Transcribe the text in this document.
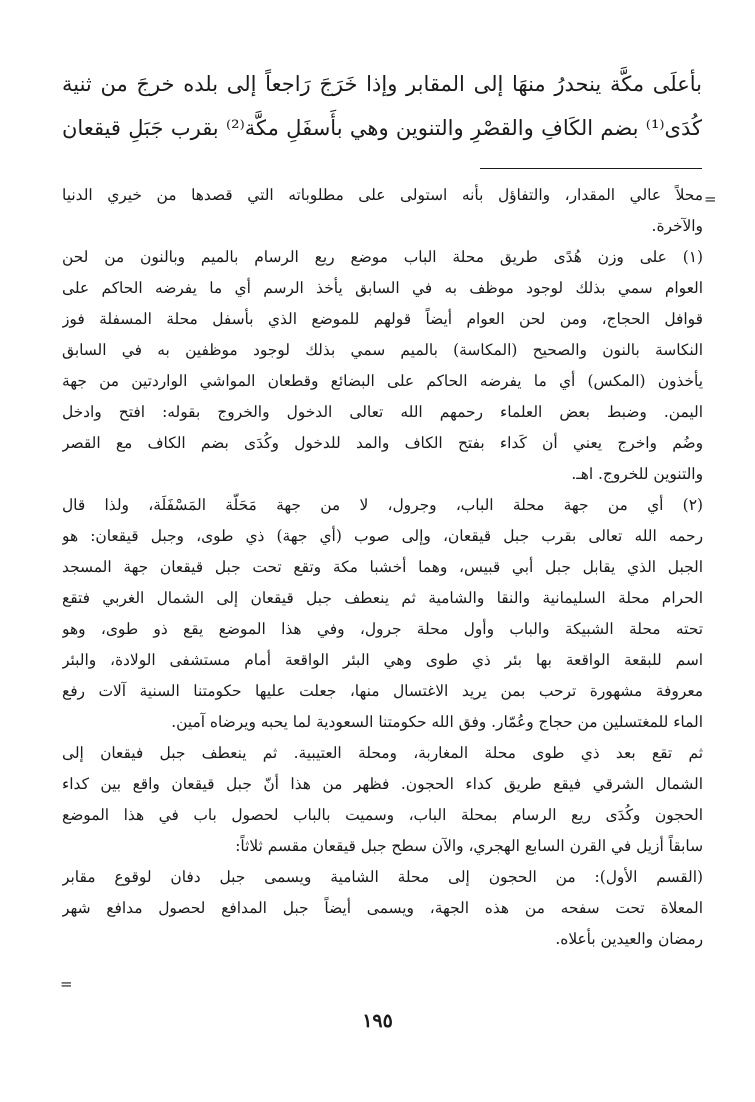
بأعلَى مكَّة ينحدرُ منهَا إلى المقابر وإذا خَرَجَ رَاجعاً إلى بلده خرجَ من ثنية
كُدَى⁽¹⁾ بضم الكَافِ والقصْرِ والتنوين وهي بأَسفَلِ مكَّة⁽²⁾ بقرب جَبَلِ قيقعان
=
محلاً عالي المقدار، والتفاؤل بأنه استولى على مطلوباته التي قصدها من خيري الدنيا
والآخرة.
(١) على وزن هُدًى طريق محلة الباب موضع ريع الرسام بالميم وبالنون من لحن
العوام سمي بذلك لوجود موظف به في السابق يأخذ الرسم أي ما يفرضه الحاكم على
قوافل الحجاج، ومن لحن العوام أيضاً قولهم للموضع الذي بأسفل محلة المسفلة فوز
النكاسة بالنون والصحيح (المكاسة) بالميم سمي بذلك لوجود موظفين به في السابق
يأخذون (المكس) أي ما يفرضه الحاكم على البضائع وقطعان المواشي الواردتين من جهة
اليمن. وضبط بعض العلماء رحمهم الله تعالى الدخول والخروج بقوله: افتح وادخل
وضُم واخرج يعني أن كَداء بفتح الكاف والمد للدخول وكُدَى بضم الكاف مع القصر
والتنوين للخروج. اهـ.
(٢) أي من جهة محلة الباب، وجرول، لا من جهة مَحَلّة المَسْفَلَة، ولذا قال
رحمه الله تعالى بقرب جبل قيقعان، وإلى صوب (أي جهة) ذي طوى، وجبل قيقعان: هو
الجبل الذي يقابل جبل أبي قبيس، وهما أخشبا مكة وتقع تحت جبل قيقعان جهة المسجد
الحرام محلة السليمانية والنقا والشامية ثم ينعطف جبل قيقعان إلى الشمال الغربي فتقع
تحته محلة الشبيكة والباب وأول محلة جرول، وفي هذا الموضع يقع ذو طوى، وهو
اسم للبقعة الواقعة بها بئر ذي طوى وهي البئر الواقعة أمام مستشفى الولادة، والبئر
معروفة مشهورة ترحب بمن يريد الاغتسال منها، جعلت عليها حكومتنا السنية آلات رفع
الماء للمغتسلين من حجاج وعُمّار. وفق الله حكومتنا السعودية لما يحبه ويرضاه آمين.
ثم تقع بعد ذي طوى محلة المغاربة، ومحلة العتيبية. ثم ينعطف جبل فيقعان إلى
الشمال الشرقي فيقع طريق كداء الحجون. فظهر من هذا أنّ جبل قيقعان واقع بين كداء
الحجون وكُدَى ريع الرسام بمحلة الباب، وسميت بالباب لحصول باب في هذا الموضع
سابقاً أزيل في القرن السابع الهجري، والآن سطح جبل قيقعان مقسم ثلاثاً:
(القسم الأول): من الحجون إلى محلة الشامية ويسمى جبل دفان لوقوع مقابر
المعلاة تحت سفحه من هذه الجهة، ويسمى أيضاً جبل المدافع لحصول مدافع شهر
رمضان والعيدين بأعلاه.
=
١٩٥
